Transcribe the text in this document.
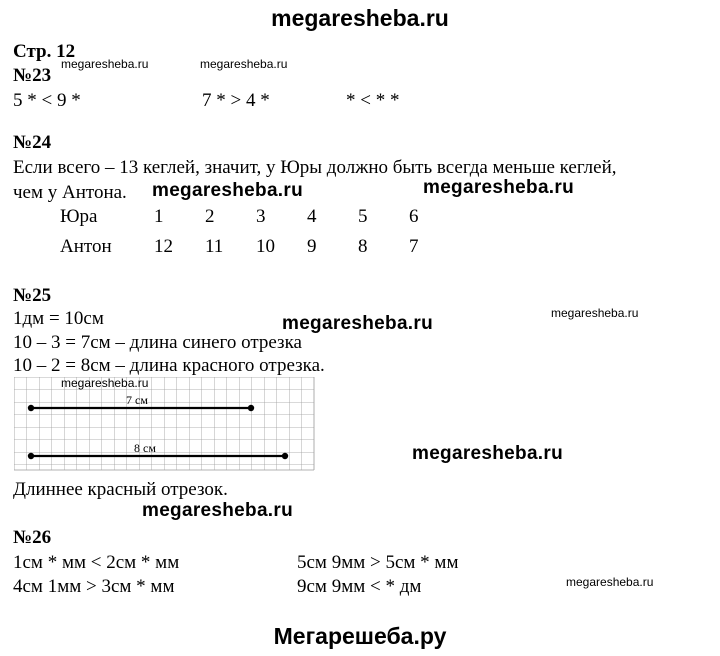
megaresheba.ru
Стр. 12
№23
megaresheba.ru	megaresheba.ru
5 * < 9 *	7 * > 4 *	* < * *
№24
Если всего – 13 кеглей, значит, у Юры должно быть всегда меньше кеглей,
чем у Антона. megaresheba.ru	megaresheba.ru
Юра	1	2	3	4	5	6
Антон	12	11	10	9	8	7
№25
1дм = 10см	megaresheba.ru	megaresheba.ru
10 – 3 = 7см – длина синего отрезка
10 – 2 = 8см – длина красного отрезка.
7 см
8 см
megaresheba.ru
megaresheba.ru
Длиннее красный отрезок.
megaresheba.ru
№26
1см * мм < 2см * мм	5см 9мм > 5см * мм
4см 1мм > 3см * мм	9см 9мм < * дм	megaresheba.ru
Мегарешеба.ру
